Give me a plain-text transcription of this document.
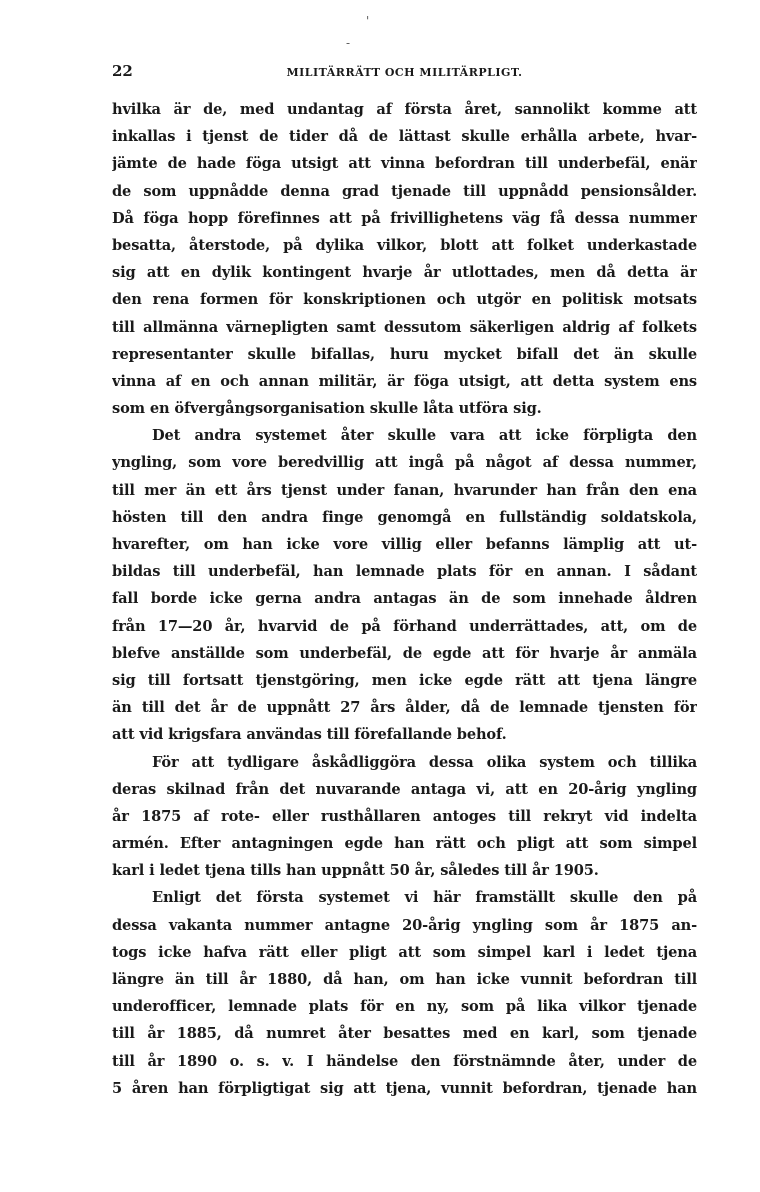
'
-
22	MILITÄRRÄTT OCH MILITÄRPLIGT.
hvilka är de, med undantag af första året, sannolikt komme att
inkallas i tjenst de tider då de lättast skulle erhålla arbete, hvar-
jämte de hade föga utsigt att vinna befordran till underbefäl, enär
de som uppnådde denna grad tjenade till uppnådd pensionsålder.
Då föga hopp förefinnes att på frivillighetens väg få dessa nummer
besatta, återstode, på dylika vilkor, blott att folket underkastade
sig att en dylik kontingent hvarje år utlottades, men då detta är
den rena formen för konskriptionen och utgör en politisk motsats
till allmänna värnepligten samt dessutom säkerligen aldrig af folkets
representanter skulle bifallas, huru mycket bifall det än skulle
vinna af en och annan militär, är föga utsigt, att detta system ens
som en öfvergångsorganisation skulle låta utföra sig.
Det andra systemet åter skulle vara att icke förpligta den
yngling, som vore beredvillig att ingå på något af dessa nummer,
till mer än ett års tjenst under fanan, hvarunder han från den ena
hösten till den andra finge genomgå en fullständig soldatskola,
hvarefter, om han icke vore villig eller befanns lämplig att ut-
bildas till underbefäl, han lemnade plats för en annan. I sådant
fall borde icke gerna andra antagas än de som innehade åldren
från 17—20 år, hvarvid de på förhand underrättades, att, om de
blefve anställde som underbefäl, de egde att för hvarje år anmäla
sig till fortsatt tjenstgöring, men icke egde rätt att tjena längre
än till det år de uppnått 27 års ålder, då de lemnade tjensten för
att vid krigsfara användas till förefallande behof.
För att tydligare åskådliggöra dessa olika system och tillika
deras skilnad från det nuvarande antaga vi, att en 20-årig yngling
år 1875 af rote- eller rusthållaren antoges till rekryt vid indelta
armén. Efter antagningen egde han rätt och pligt att som simpel
karl i ledet tjena tills han uppnått 50 år, således till år 1905.
Enligt det första systemet vi här framställt skulle den på
dessa vakanta nummer antagne 20-årig yngling som år 1875 an-
togs icke hafva rätt eller pligt att som simpel karl i ledet tjena
längre än till år 1880, då han, om han icke vunnit befordran till
underofficer, lemnade plats för en ny, som på lika vilkor tjenade
till år 1885, då numret åter besattes med en karl, som tjenade
till år 1890 o. s. v. I händelse den förstnämnde åter, under de
5 åren han förpligtigat sig att tjena, vunnit befordran, tjenade han
